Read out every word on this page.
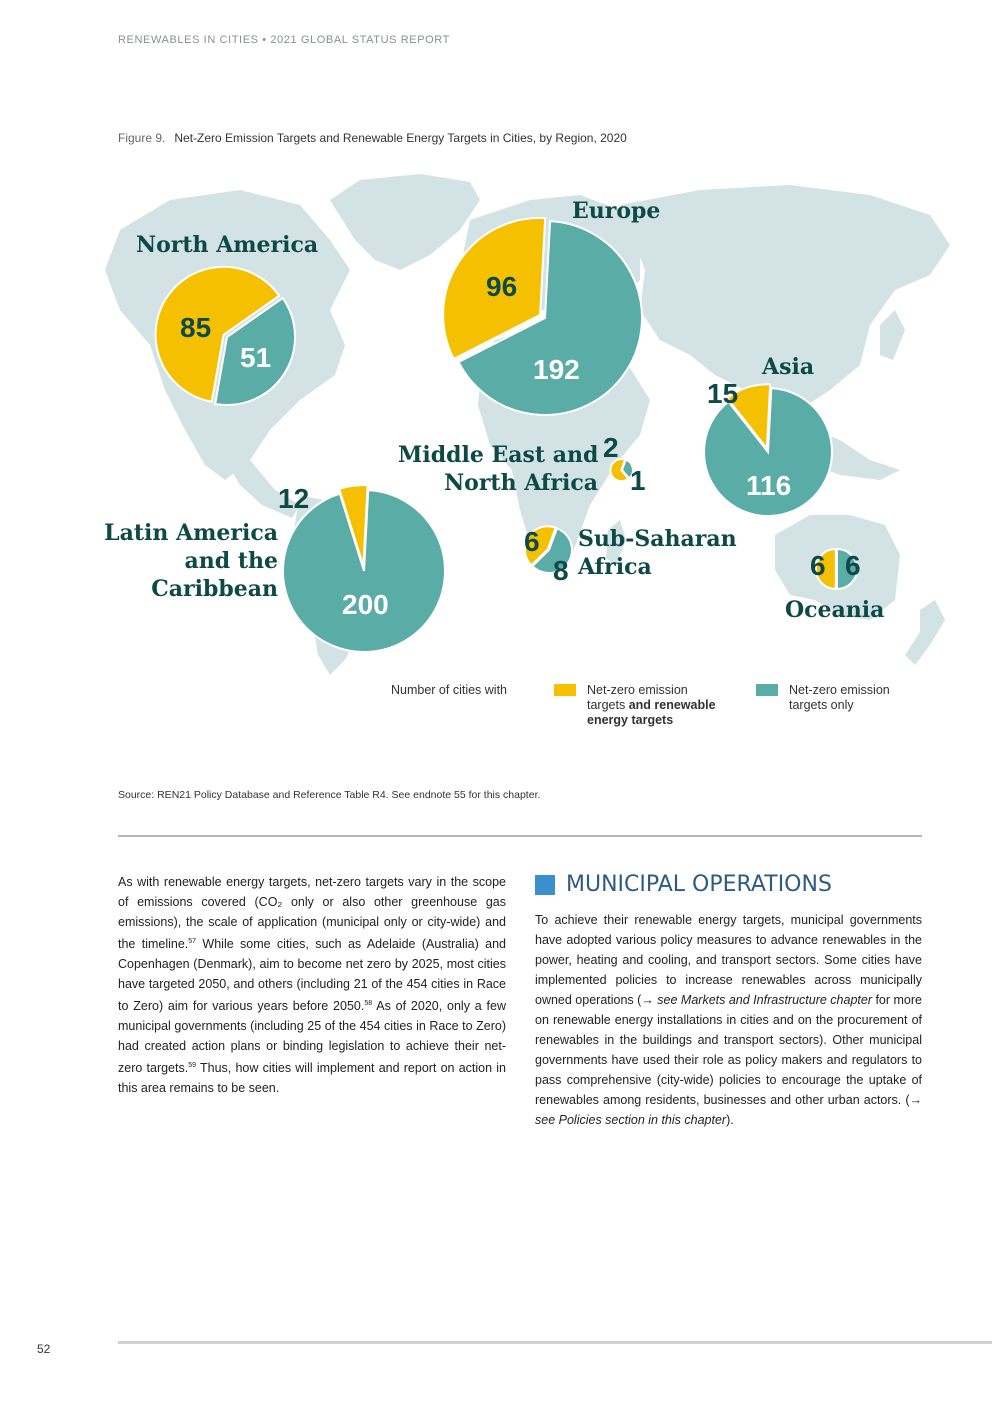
RENEWABLES IN CITIES • 2021 GLOBAL STATUS REPORT
Figure 9. Net-Zero Emission Targets and Renewable Energy Targets in Cities, by Region, 2020
North America
Europe
Asia
Middle East and
North Africa
Latin America
and the
Caribbean
Sub-Saharan
Africa
Oceania
85
51
96
192
15
116
2
1
12
200
6
8	6 6
Number of cities with	Net-zero emission
targets and renewable
energy targets
Net-zero emission
targets only
Source: REN21 Policy Database and Reference Table R4. See endnote 55 for this chapter.
As with renewable energy targets, net-zero targets vary in the scope of emissions covered (CO₂ only or also other greenhouse gas emissions), the scale of application (municipal only or city-wide) and the timeline.$^{57}$ While some cities, such as Adelaide (Australia) and Copenhagen (Denmark), aim to become net zero by 2025, most cities have targeted 2050, and others (including 21 of the 454 cities in Race to Zero) aim for various years before 2050.58 As of 2020, only a few municipal governments (including 25 of the 454 cities in Race to Zero) had created action plans or binding legislation to achieve their net-zero targets.$^{59}$ Thus, how cities will implement and report on action in this area remains to be seen.
MUNICIPAL OPERATIONS
To achieve their renewable energy targets, municipal governments have adopted various policy measures to advance renewables in the power, heating and cooling, and transport sectors. Some cities have implemented policies to increase renewables across municipally owned operations (→ see Markets and Infrastructure chapter for more on renewable energy installations in cities and on the procurement of renewables in the buildings and transport sectors). Other municipal governments have used their role as policy makers and regulators to pass comprehensive (city-wide) policies to encourage the uptake of renewables among residents, businesses and other urban actors. (→ see Policies section in this chapter).
52
